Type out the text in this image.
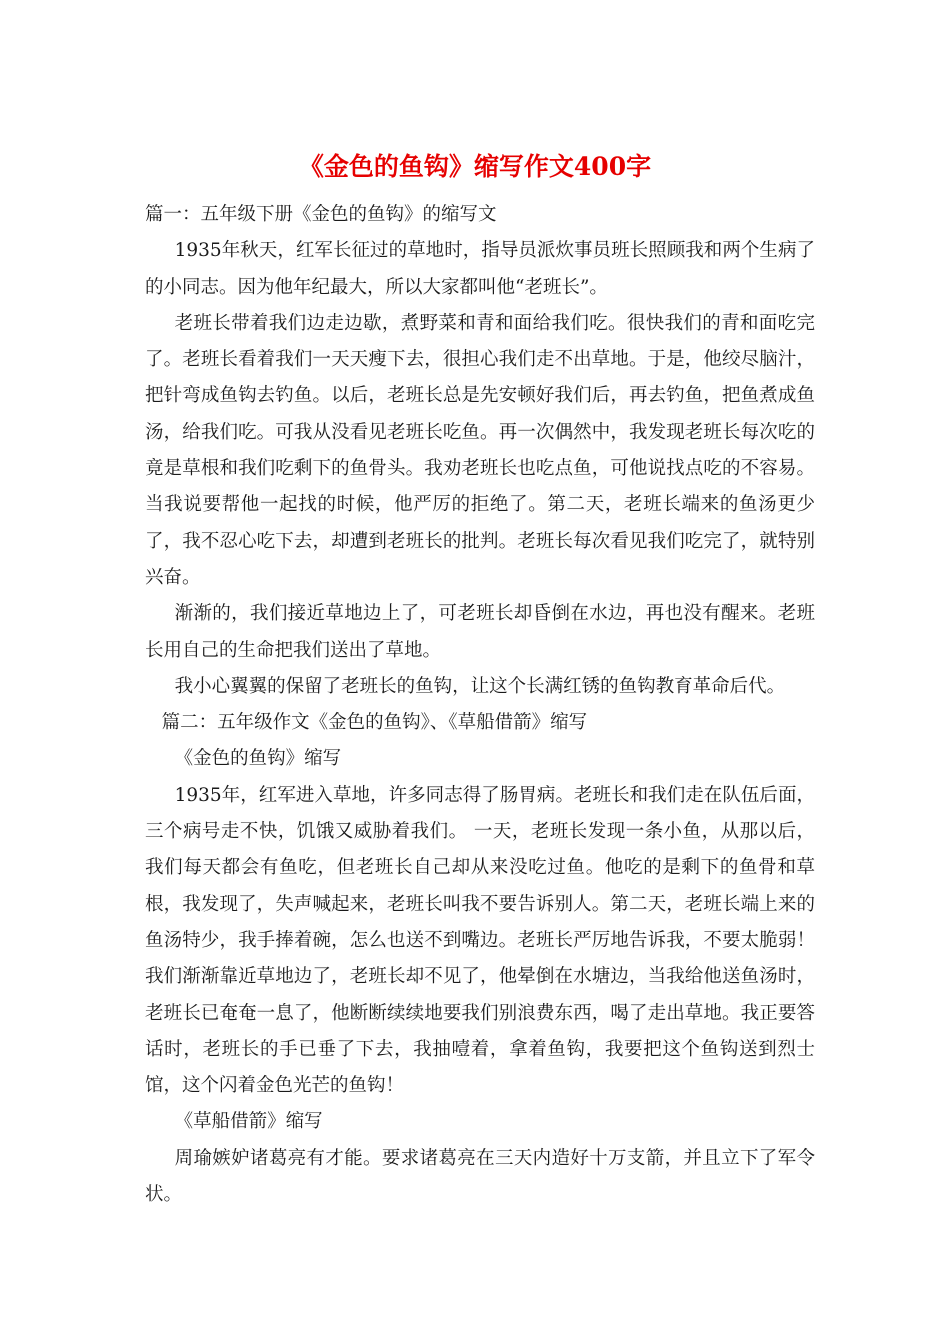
《金色的鱼钩》缩写作文400字

篇一：五年级下册《金色的鱼钩》的缩写文

1935年秋天，红军长征过的草地时，指导员派炊事员班长照顾我和两个生病了的小同志。因为他年纪最大，所以大家都叫他“老班长”。

老班长带着我们边走边歇，煮野菜和青和面给我们吃。很快我们的青和面吃完了。老班长看着我们一天天瘦下去，很担心我们走不出草地。于是，他绞尽脑汁，把针弯成鱼钩去钓鱼。以后，老班长总是先安顿好我们后，再去钓鱼，把鱼煮成鱼汤，给我们吃。可我从没看见老班长吃鱼。再一次偶然中，我发现老班长每次吃的竟是草根和我们吃剩下的鱼骨头。我劝老班长也吃点鱼，可他说找点吃的不容易。当我说要帮他一起找的时候，他严厉的拒绝了。第二天，老班长端来的鱼汤更少了，我不忍心吃下去，却遭到老班长的批判。老班长每次看见我们吃完了，就特别兴奋。

渐渐的，我们接近草地边上了，可老班长却昏倒在水边，再也没有醒来。老班长用自己的生命把我们送出了草地。

我小心翼翼的保留了老班长的鱼钩，让这个长满红锈的鱼钩教育革命后代。

篇二：五年级作文《金色的鱼钩》、《草船借箭》缩写

《金色的鱼钩》缩写

1935年，红军进入草地，许多同志得了肠胃病。老班长和我们走在队伍后面，三个病号走不快，饥饿又威胁着我们。 一天，老班长发现一条小鱼，从那以后，我们每天都会有鱼吃，但老班长自己却从来没吃过鱼。他吃的是剩下的鱼骨和草根，我发现了，失声喊起来，老班长叫我不要告诉别人。第二天，老班长端上来的鱼汤特少，我手捧着碗，怎么也送不到嘴边。老班长严厉地告诉我，不要太脆弱！ 我们渐渐靠近草地边了，老班长却不见了，他晕倒在水塘边，当我给他送鱼汤时，老班长已奄奄一息了，他断断续续地要我们别浪费东西，喝了走出草地。我正要答话时，老班长的手已垂了下去，我抽噎着，拿着鱼钩，我要把这个鱼钩送到烈士馆，这个闪着金色光芒的鱼钩！

《草船借箭》缩写

周瑜嫉妒诸葛亮有才能。要求诸葛亮在三天内造好十万支箭，并且立下了军令状。
